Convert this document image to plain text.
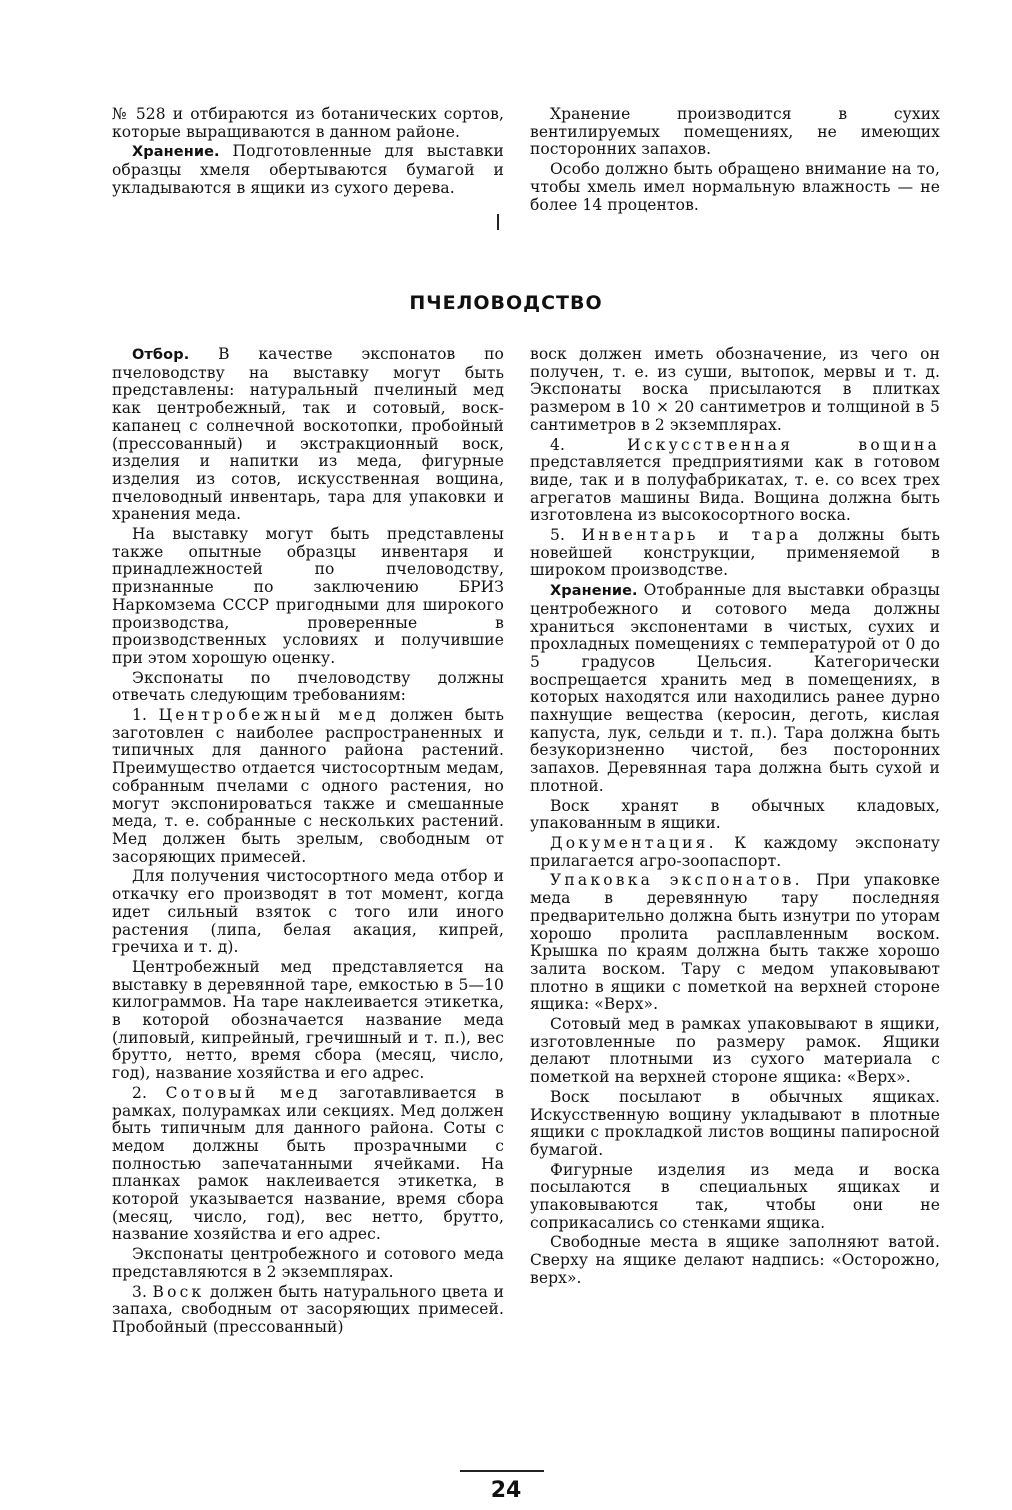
№ 528 и отбираются из ботанических сортов, которые выращиваются в данном районе.

Хранение. Подготовленные для выставки образцы хмеля обертываются бумагой и укладываются в ящики из сухого дерева.

Хранение производится в сухих вентилируемых помещениях, не имеющих посторонних запахов.

Особо должно быть обращено внимание на то, чтобы хмель имел нормальную влажность — не более 14 процентов.

ПЧЕЛОВОДСТВО

Отбор. В качестве экспонатов по пчеловодству на выставку могут быть представлены: натуральный пчелиный мед как центробежный, так и сотовый, воск-капанец с солнечной воскотопки, пробойный (прессованный) и экстракционный воск, изделия и напитки из меда, фигурные изделия из сотов, искусственная вощина, пчеловодный инвентарь, тара для упаковки и хранения меда.

На выставку могут быть представлены также опытные образцы инвентаря и принадлежностей по пчеловодству, признанные по заключению БРИЗ Наркомзема СССР пригодными для широкого производства, проверенные в производственных условиях и получившие при этом хорошую оценку.

Экспонаты по пчеловодству должны отвечать следующим требованиям:

1. Центробежный мед должен быть заготовлен с наиболее распространенных и типичных для данного района растений. Преимущество отдается чистосортным медам, собранным пчелами с одного растения, но могут экспонироваться также и смешанные меда, т. е. собранные с нескольких растений. Мед должен быть зрелым, свободным от засоряющих примесей.

Для получения чистосортного меда отбор и откачку его производят в тот момент, когда идет сильный взяток с того или иного растения (липа, белая акация, кипрей, гречиха и т. д).

Центробежный мед представляется на выставку в деревянной таре, емкостью в 5—10 килограммов. На таре наклеивается этикетка, в которой обозначается название меда (липовый, кипрейный, гречишный и т. п.), вес брутто, нетто, время сбора (месяц, число, год), название хозяйства и его адрес.

2. Сотовый мед заготавливается в рамках, полурамках или секциях. Мед должен быть типичным для данного района. Соты с медом должны быть прозрачными с полностью запечатанными ячейками. На планках рамок наклеивается этикетка, в которой указывается название, время сбора (месяц, число, год), вес нетто, брутто, название хозяйства и его адрес.

Экспонаты центробежного и сотового меда представляются в 2 экземплярах.

3. Воск должен быть натурального цвета и запаха, свободным от засоряющих примесей. Пробойный (прессованный)

воск должен иметь обозначение, из чего он получен, т. е. из суши, вытопок, мервы и т. д. Экспонаты воска присылаются в плитках размером в 10 × 20 сантиметров и толщиной в 5 сантиметров в 2 экземплярах.

4. Искусственная вощина представляется предприятиями как в готовом виде, так и в полуфабрикатах, т. е. со всех трех агрегатов машины Вида. Вощина должна быть изготовлена из высокосортного воска.

5. Инвентарь и тара должны быть новейшей конструкции, применяемой в широком производстве.

Хранение. Отобранные для выставки образцы центробежного и сотового меда должны храниться экспонентами в чистых, сухих и прохладных помещениях с температурой от 0 до 5 градусов Цельсия. Категорически воспрещается хранить мед в помещениях, в которых находятся или находились ранее дурно пахнущие вещества (керосин, деготь, кислая капуста, лук, сельди и т. п.). Тара должна быть безукоризненно чистой, без посторонних запахов. Деревянная тара должна быть сухой и плотной.

Воск хранят в обычных кладовых, упакованным в ящики.

Документация. К каждому экспонату прилагается агро-зоопаспорт.

Упаковка экспонатов. При упаковке меда в деревянную тару последняя предварительно должна быть изнутри по уторам хорошо пролита расплавленным воском. Крышка по краям должна быть также хорошо залита воском. Тару с медом упаковывают плотно в ящики с пометкой на верхней стороне ящика: «Верх».

Сотовый мед в рамках упаковывают в ящики, изготовленные по размеру рамок. Ящики делают плотными из сухого материала с пометкой на верхней стороне ящика: «Верх».

Воск посылают в обычных ящиках. Искусственную вощину укладывают в плотные ящики с прокладкой листов вощины папиросной бумагой.

Фигурные изделия из меда и воска посылаются в специальных ящиках и упаковываются так, чтобы они не соприкасались со стенками ящика.

Свободные места в ящике заполняют ватой. Сверху на ящике делают надпись: «Осторожно, верх».

24
